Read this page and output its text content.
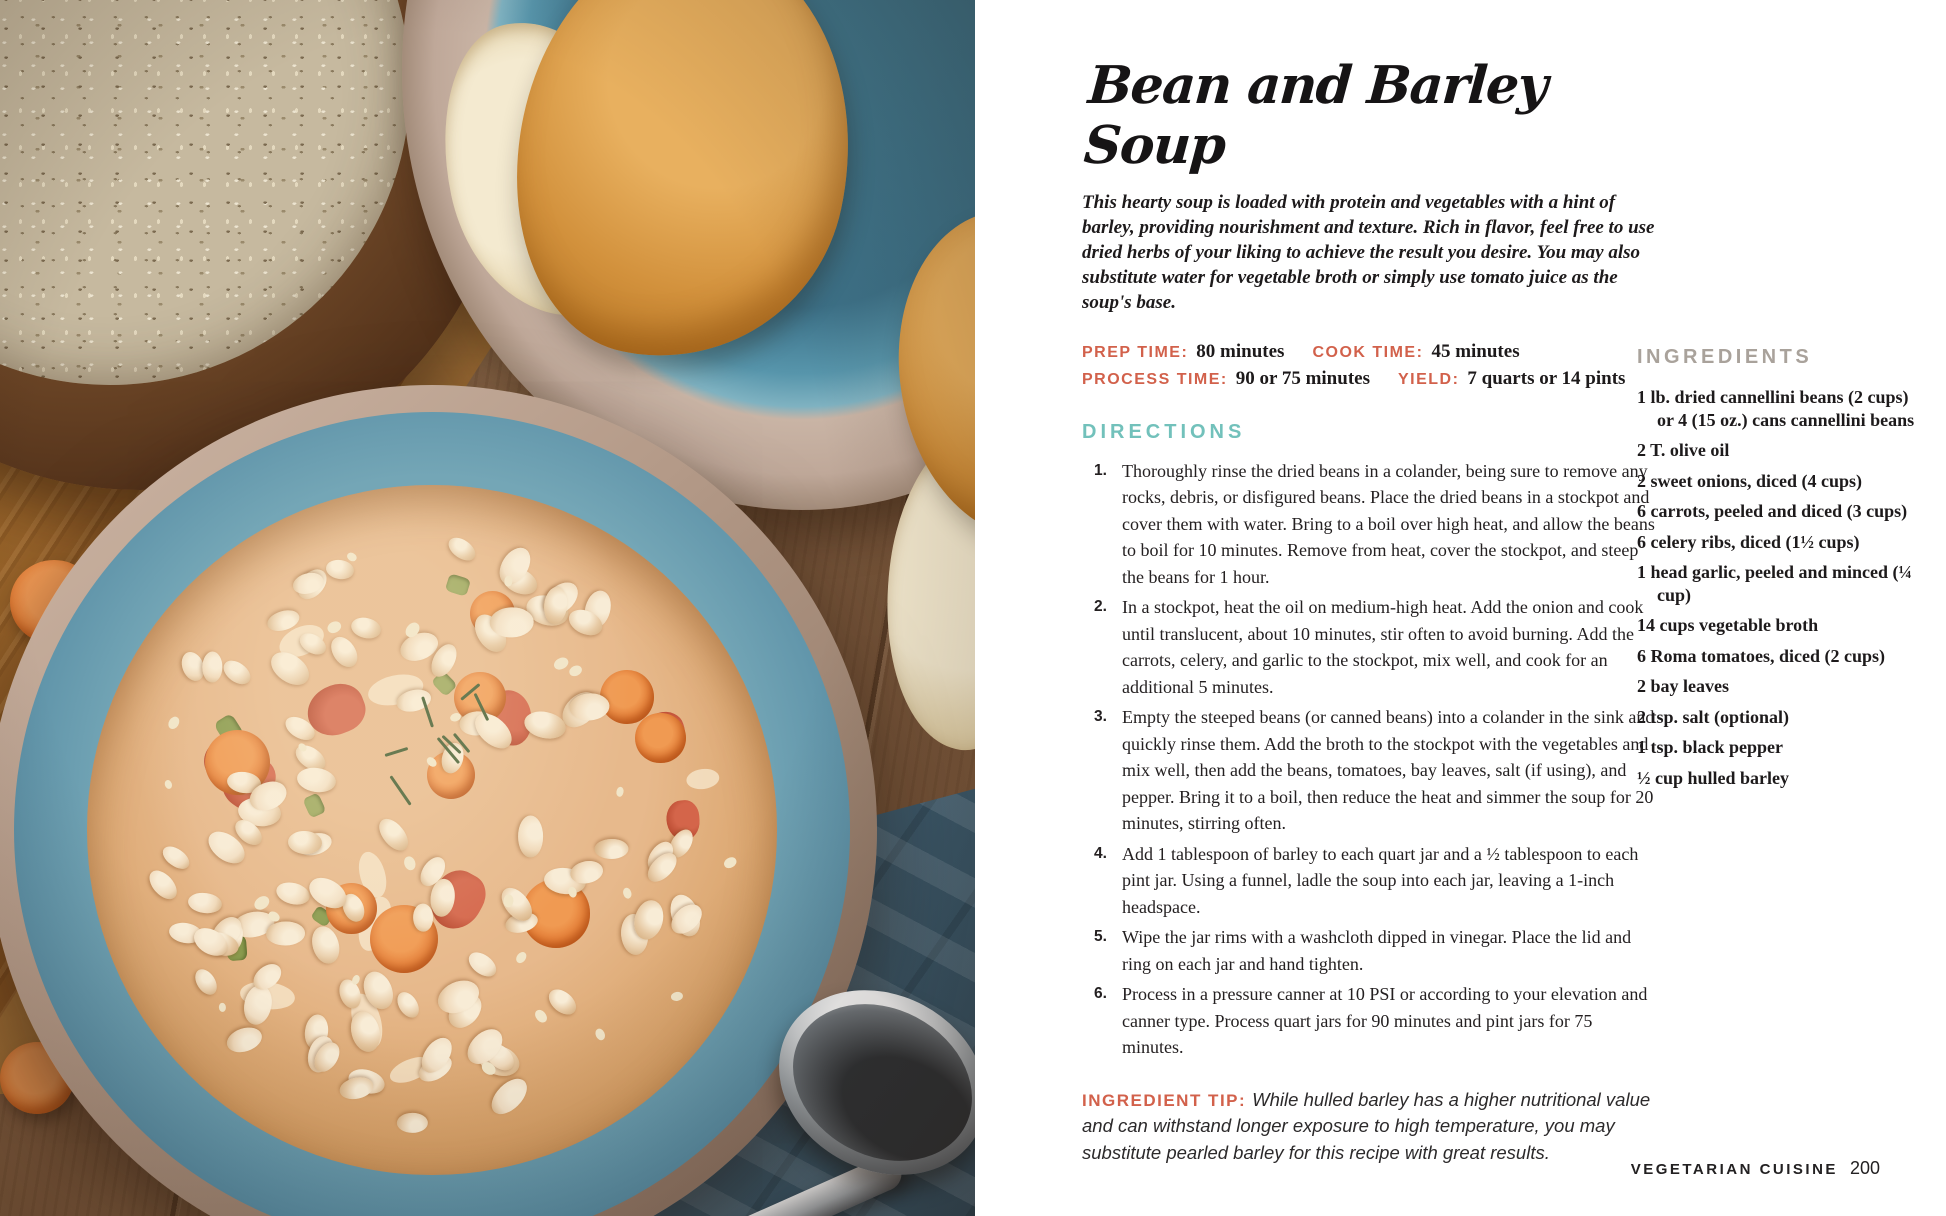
Bean and Barley Soup
This hearty soup is loaded with protein and vegetables with a hint of barley, providing nourishment and texture. Rich in flavor, feel free to use dried herbs of your liking to achieve the result you desire. You may also substitute water for vegetable broth or simply use tomato juice as the soup's base.
PREP TIME: 80 minutes COOK TIME: 45 minutes
PROCESS TIME: 90 or 75 minutes YIELD: 7 quarts or 14 pints
DIRECTIONS
1. Thoroughly rinse the dried beans in a colander, being sure to remove any rocks, debris, or disfigured beans. Place the dried beans in a stockpot and cover them with water. Bring to a boil over high heat, and allow the beans to boil for 10 minutes. Remove from heat, cover the stockpot, and steep the beans for 1 hour.
2. In a stockpot, heat the oil on medium-high heat. Add the onion and cook until translucent, about 10 minutes, stir often to avoid burning. Add the carrots, celery, and garlic to the stockpot, mix well, and cook for an additional 5 minutes.
3. Empty the steeped beans (or canned beans) into a colander in the sink and quickly rinse them. Add the broth to the stockpot with the vegetables and mix well, then add the beans, tomatoes, bay leaves, salt (if using), and pepper. Bring it to a boil, then reduce the heat and simmer the soup for 20 minutes, stirring often.
4. Add 1 tablespoon of barley to each quart jar and a ½ tablespoon to each pint jar. Using a funnel, ladle the soup into each jar, leaving a 1-inch headspace.
5. Wipe the jar rims with a washcloth dipped in vinegar. Place the lid and ring on each jar and hand tighten.
6. Process in a pressure canner at 10 PSI or according to your elevation and canner type. Process quart jars for 90 minutes and pint jars for 75 minutes.
INGREDIENT TIP: While hulled barley has a higher nutritional value and can withstand longer exposure to high temperature, you may substitute pearled barley for this recipe with great results.
INGREDIENTS
1 lb. dried cannellini beans (2 cups) or 4 (15 oz.) cans cannellini beans
2 T. olive oil
2 sweet onions, diced (4 cups)
6 carrots, peeled and diced (3 cups)
6 celery ribs, diced (1½ cups)
1 head garlic, peeled and minced (¼ cup)
14 cups vegetable broth
6 Roma tomatoes, diced (2 cups)
2 bay leaves
2 tsp. salt (optional)
1 tsp. black pepper
½ cup hulled barley
VEGETARIAN CUISINE 200
